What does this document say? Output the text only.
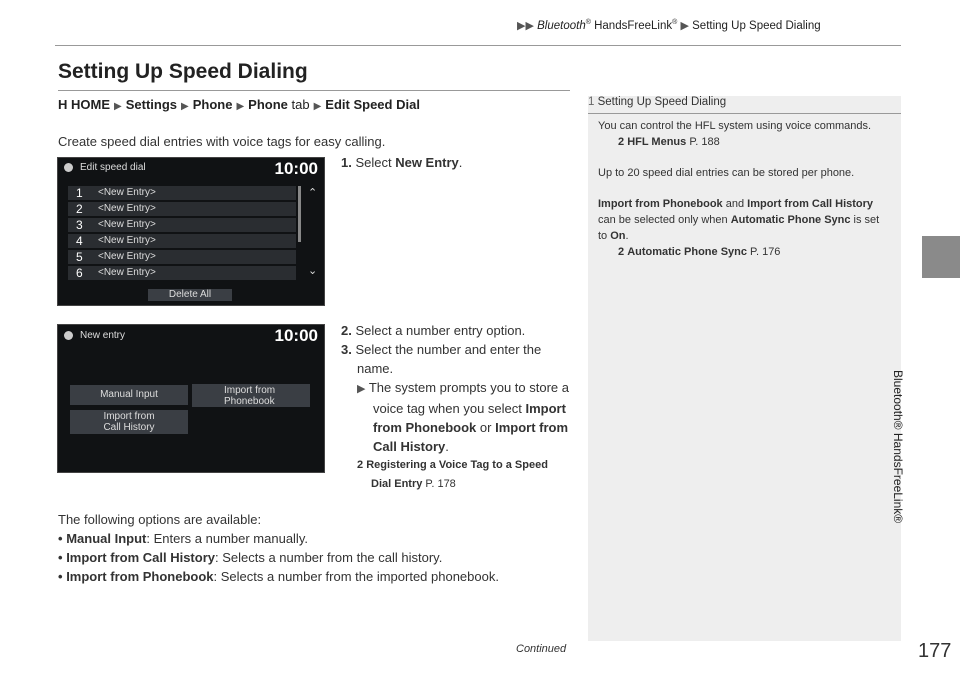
▶▶ Bluetooth® HandsFreeLink® ▶ Setting Up Speed Dialing
Setting Up Speed Dialing
H HOME ▶ Settings ▶ Phone ▶ Phone tab ▶ Edit Speed Dial
Create speed dial entries with voice tags for easy calling.
Edit speed dial	10:00
1 <New Entry>
2 <New Entry>
3 <New Entry>
4 <New Entry>
5 <New Entry>
6 <New Entry>
⌃
⌄
Delete All
1. Select New Entry.
New entry	10:00
Manual Input	Import from
Phonebook
Import from
Call History
2. Select a number entry option.
3. Select the number and enter the name.
▶ The system prompts you to store a voice tag when you select Import from Phonebook or Import from Call History.
2 Registering a Voice Tag to a Speed Dial Entry P. 178
The following options are available:
• Manual Input: Enters a number manually.
• Import from Call History: Selects a number from the call history.
• Import from Phonebook: Selects a number from the imported phonebook.
1 Setting Up Speed Dialing
You can control the HFL system using voice commands.
2 HFL Menus P. 188
Up to 20 speed dial entries can be stored per phone.
Import from Phonebook and Import from Call History can be selected only when Automatic Phone Sync is set to On.
2 Automatic Phone Sync P. 176
Bluetooth® HandsFreeLink®
Continued	177
